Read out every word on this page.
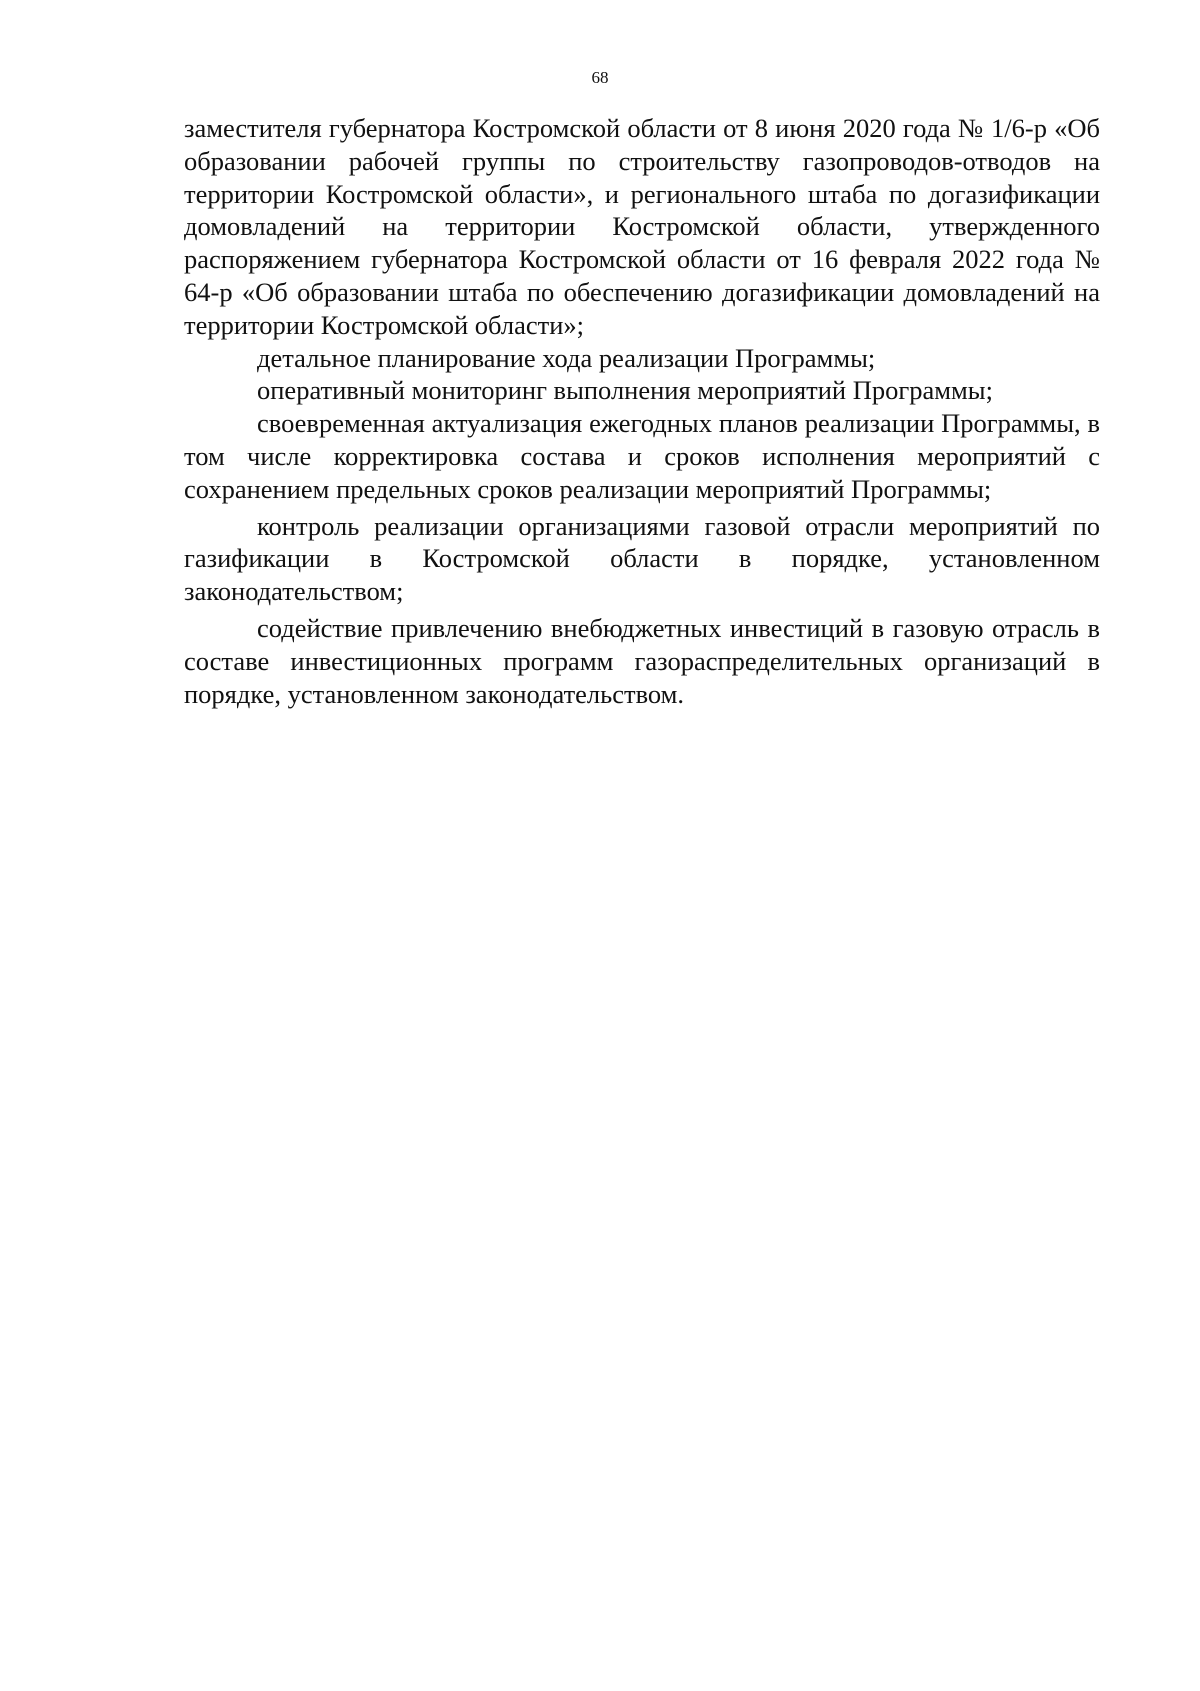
68

заместителя губернатора Костромской области от 8 июня 2020 года № 1/6-р «Об образовании рабочей группы по строительству газопроводов-отводов на территории Костромской области», и регионального штаба по догазификации домовладений на территории Костромской области, утвержденного распоряжением губернатора Костромской области от 16 февраля 2022 года № 64-р «Об образовании штаба по обеспечению догазификации домовладений на территории Костромской области»;

детальное планирование хода реализации Программы;

оперативный мониторинг выполнения мероприятий Программы;

своевременная актуализация ежегодных планов реализации Программы, в том числе корректировка состава и сроков исполнения мероприятий с сохранением предельных сроков реализации мероприятий Программы;

контроль реализации организациями газовой отрасли мероприятий по газификации в Костромской области в порядке, установленном законодательством;

содействие привлечению внебюджетных инвестиций в газовую отрасль в составе инвестиционных программ газораспределительных организаций в порядке, установленном законодательством.
